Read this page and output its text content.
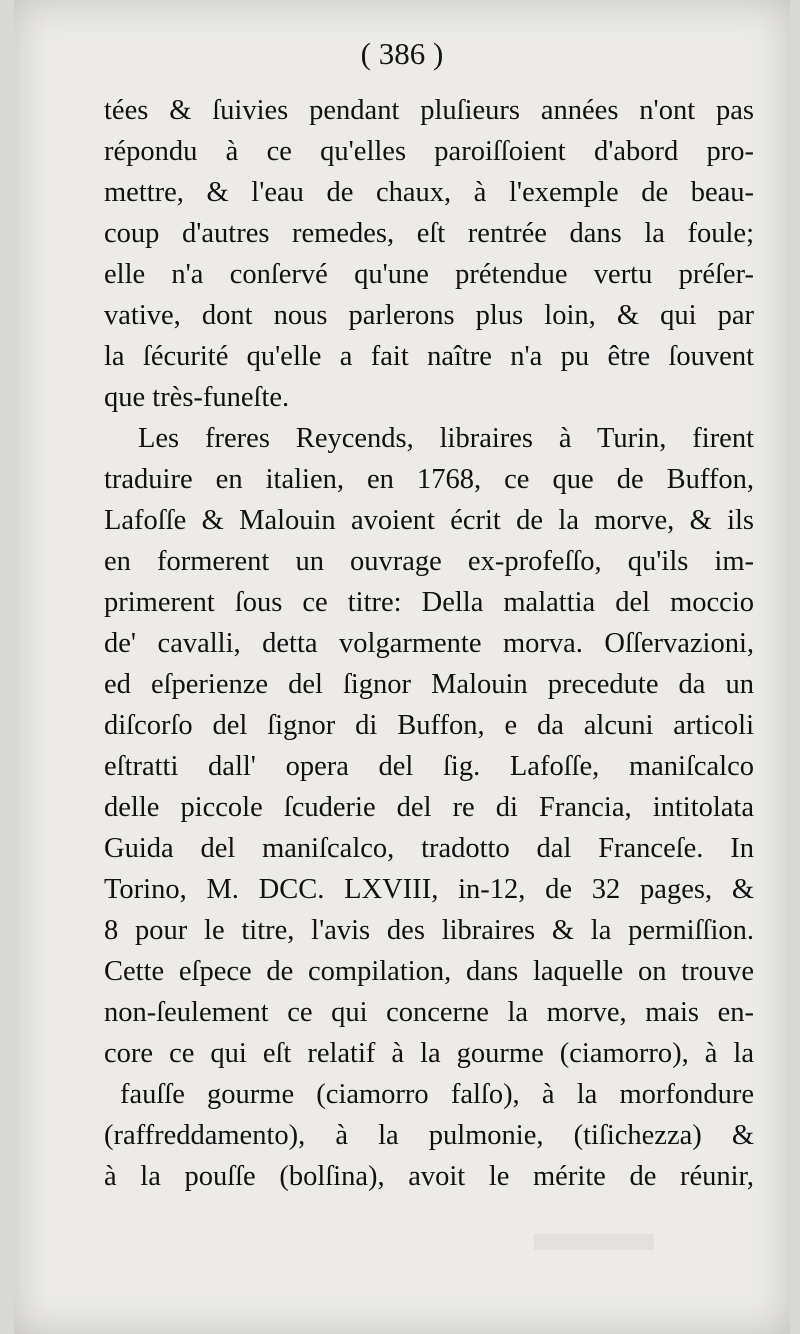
( 386 )
tées & ſuivies pendant pluſieurs années n'ont pas
répondu à ce qu'elles paroiſſoient d'abord pro-
mettre, & l'eau de chaux, à l'exemple de beau-
coup d'autres remedes, eſt rentrée dans la foule;
elle n'a conſervé qu'une prétendue vertu préſer-
vative, dont nous parlerons plus loin, & qui par
la ſécurité qu'elle a fait naître n'a pu être ſouvent
que très-funeſte.
Les freres Reycends, libraires à Turin, firent
traduire en italien, en 1768, ce que de Buffon,
Lafoſſe & Malouin avoient écrit de la morve, & ils
en formerent un ouvrage ex-profeſſo, qu'ils im-
primerent ſous ce titre: Della malattia del moccio
de' cavalli, detta volgarmente morva. Oſſervazioni,
ed eſperienze del ſignor Malouin precedute da un
diſcorſo del ſignor di Buffon, e da alcuni articoli
eſtratti dall' opera del ſig. Lafoſſe, maniſcalco
delle piccole ſcuderie del re di Francia, intitolata
Guida del maniſcalco, tradotto dal Franceſe. In
Torino, M. DCC. LXVIII, in-12, de 32 pages, &
8 pour le titre, l'avis des libraires & la permiſſion.
Cette eſpece de compilation, dans laquelle on trouve
non-ſeulement ce qui concerne la morve, mais en-
core ce qui eſt relatif à la gourme (ciamorro), à la
fauſſe gourme (ciamorro falſo), à la morfondure
(raffreddamento), à la pulmonie, (tiſichezza) &
à la pouſſe (bolſina), avoit le mérite de réunir,
